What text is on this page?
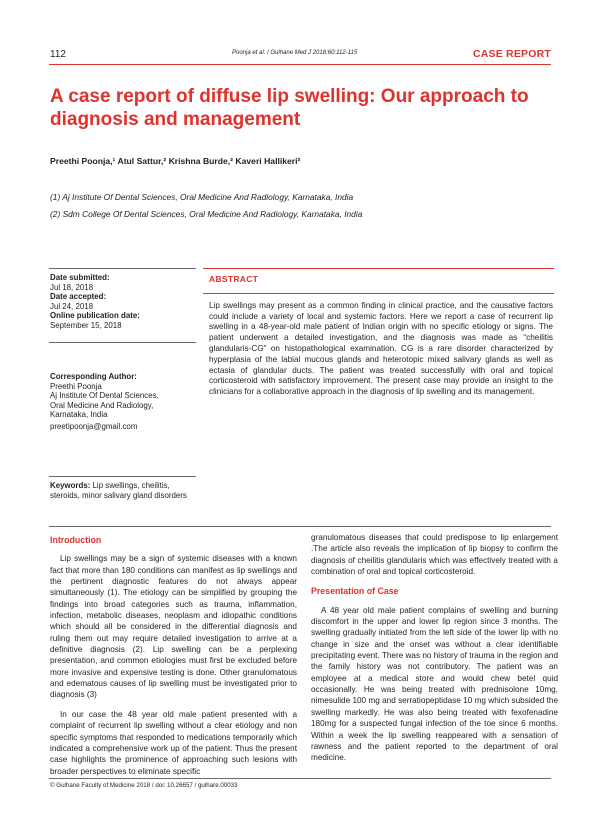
112	Poonja et al. / Gulhane Med J 2018;60:112-115	CASE REPORT
A case report of diffuse lip swelling: Our approach to diagnosis and management
Preethi Poonja,¹ Atul Sattur,² Krishna Burde,² Kaveri Hallikeri²
(1) Aj Institute Of Dental Sciences, Oral Medicine And Radiology, Karnataka, India
(2) Sdm College Of Dental Sciences, Oral Medicine And Radiology, Karnataka, India
Date submitted:
Jul 18, 2018
Date accepted:
Jul 24, 2018
Online publication date:
September 15, 2018
Corresponding Author:
Preethi Poonja
Aj Institute Of Dental Sciences,
Oral Medicine And Radiology,
Karnataka, India
preetipoonja@gmail.com
Keywords: Lip swellings, cheilitis, steroids, minor salivary gland disorders
ABSTRACT
Lip swellings may present as a common finding in clinical practice, and the causative factors could include a variety of local and systemic factors. Here we report a case of recurrent lip swelling in a 48-year-old male patient of Indian origin with no specific etiology or signs. The patient underwent a detailed investigation, and the diagnosis was made as “cheilitis glandularis-CG” on histopathological examination. CG is a rare disorder characterized by hyperplasia of the labial mucous glands and heterotopic mixed salivary glands as well as ectasia of glandular ducts. The patient was treated successfully with oral and topical corticosteroid with satisfactory improvement. The present case may provide an insight to the clinicians for a collaborative approach in the diagnosis of lip swelling and its management.
Introduction

Lip swellings may be a sign of systemic diseases with a known fact that more than 180 conditions can manifest as lip swellings and the pertinent diagnostic features do not always appear simultaneously (1). The etiology can be simplified by grouping the findings into broad categories such as trauma, inflammation, infection, metabolic diseases, neoplasm and idiopathic conditions which should all be considered in the differential diagnosis and ruling them out may require detailed investigation to arrive at a definitive diagnosis (2). Lip swelling can be a perplexing presentation, and common etiologies must first be excluded before more invasive and expensive testing is done. Other granulomatous and edematous causes of lip swelling must be investigated prior to diagnosis (3)

In our case the 48 year old male patient presented with a complaint of recurrent lip swelling without a clear etiology and non specific symptoms that responded to medications temporarily which indicated a comprehensive work up of the patient. Thus the present case highlights the prominence of approaching such lesions with broader perspectives to eliminate specific

granulomatous diseases that could predispose to lip enlargement .The article also reveals the implication of lip biopsy to confirm the diagnosis of cheilitis glandularis which was effectively treated with a combination of oral and topical corticosteroid.

Presentation of Case

A 48 year old male patient complains of swelling and burning discomfort in the upper and lower lip region since 3 months. The swelling gradually initiated from the left side of the lower lip with no change in size and the onset was without a clear identifiable precipitating event. There was no history of trauma in the region and the family history was not contributory. The patient was an employee at a medical store and would chew betel quid occasionally. He was being treated with prednisolone 10mg, nimesulide 100 mg and serratiopeptidase 10 mg which subsided the swelling markedly. He was also being treated with fexofenadine 180mg for a suspected fungal infection of the toe since 6 months. Within a week the lip swelling reappeared with a sensation of rawness and the patient reported to the department of oral medicine.

© Gulhane Faculty of Medicine 2018 / doi: 10.26657 / gulhare.00033
